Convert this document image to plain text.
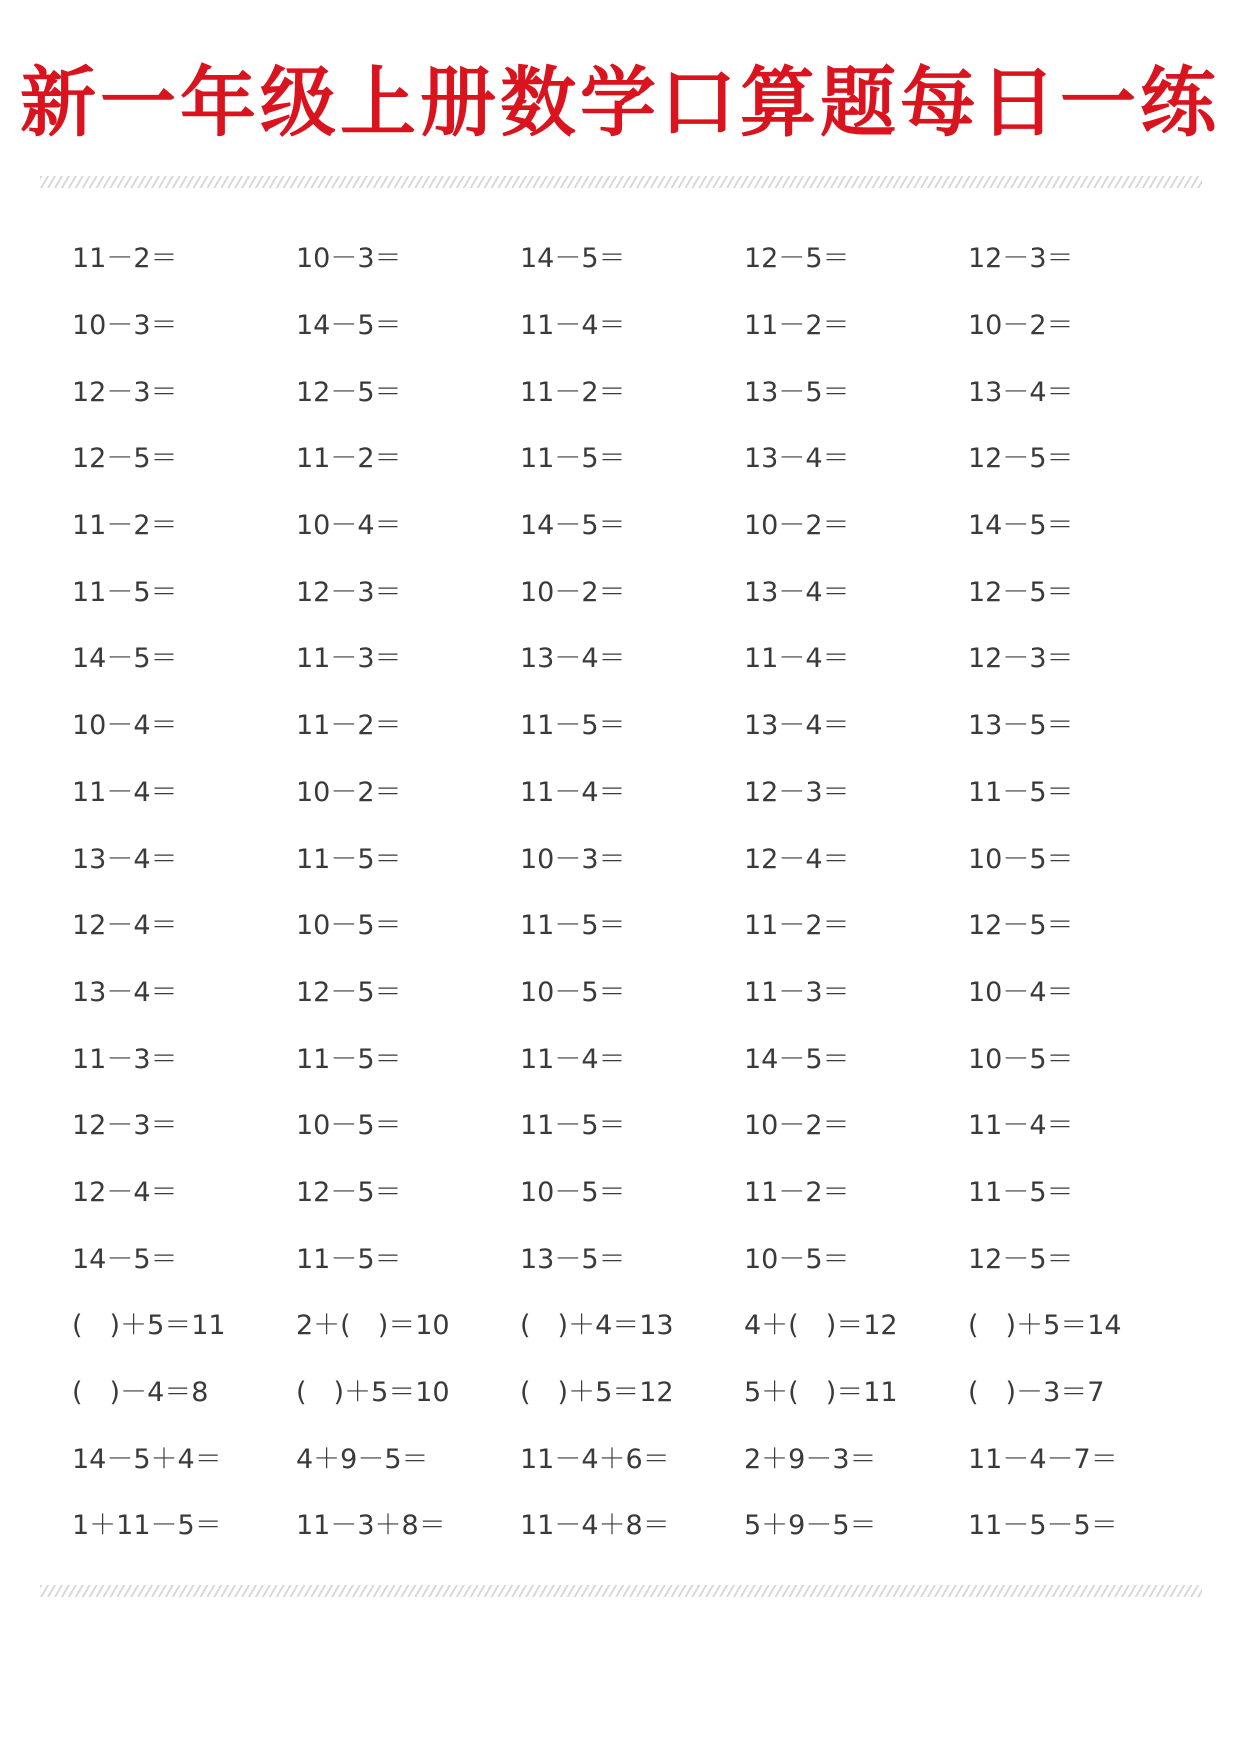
新一年级上册数学口算题每日一练
11－2＝	10－3＝	14－5＝	12－5＝	12－3＝
10－3＝	14－5＝	11－4＝	11－2＝	10－2＝
12－3＝	12－5＝	11－2＝	13－5＝	13－4＝
12－5＝	11－2＝	11－5＝	13－4＝	12－5＝
11－2＝	10－4＝	14－5＝	10－2＝	14－5＝
11－5＝	12－3＝	10－2＝	13－4＝	12－5＝
14－5＝	11－3＝	13－4＝	11－4＝	12－3＝
10－4＝	11－2＝	11－5＝	13－4＝	13－5＝
11－4＝	10－2＝	11－4＝	12－3＝	11－5＝
13－4＝	11－5＝	10－3＝	12－4＝	10－5＝
12－4＝	10－5＝	11－5＝	11－2＝	12－5＝
13－4＝	12－5＝	10－5＝	11－3＝	10－4＝
11－3＝	11－5＝	11－4＝	14－5＝	10－5＝
12－3＝	10－5＝	11－5＝	10－2＝	11－4＝
12－4＝	12－5＝	10－5＝	11－2＝	11－5＝
14－5＝	11－5＝	13－5＝	10－5＝	12－5＝
(　)＋5＝11	2＋(　)＝10	(　)＋4＝13	4＋(　)＝12	(　)＋5＝14
(　)－4＝8	(　)＋5＝10	(　)＋5＝12	5＋(　)＝11	(　)－3＝7
14－5＋4＝	4＋9－5＝	11－4＋6＝	2＋9－3＝	11－4－7＝
1＋11－5＝	11－3＋8＝	11－4＋8＝	5＋9－5＝	11－5－5＝
